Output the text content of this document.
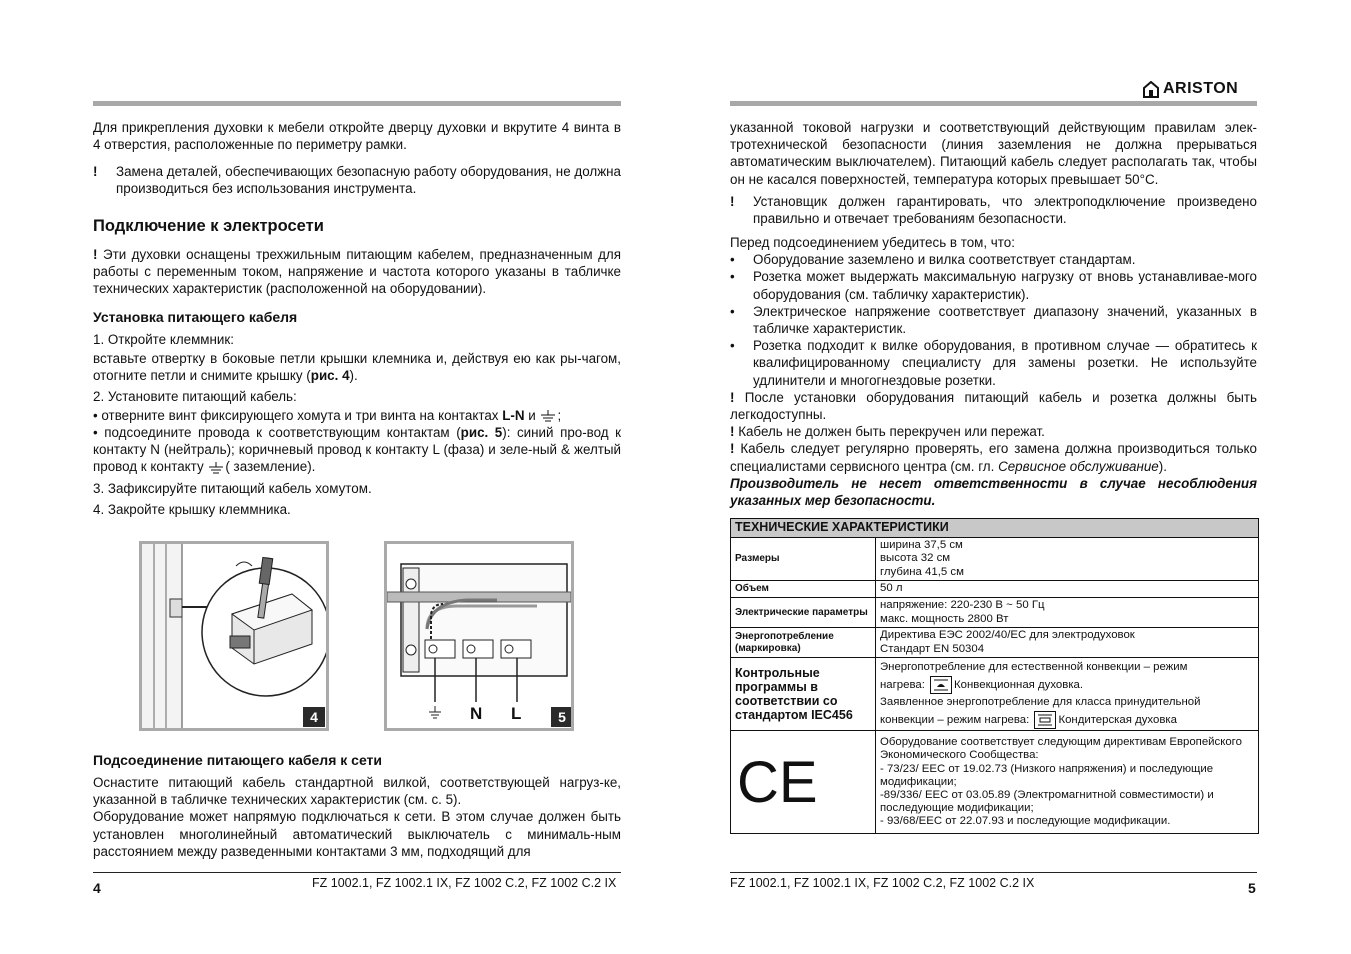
Для прикрепления духовки к мебели откройте дверцу духовки и вкрутите 4 винта в 4 отверстия, расположенные по периметру рамки.
!	Замена деталей, обеспечивающих безопасную работу оборудования, не должна производиться без использования инструмента.
Подключение к электросети
! Эти духовки оснащены трехжильным питающим кабелем, предназначенным для работы с переменным током, напряжение и частота которого указаны в табличке технических характеристик (расположенной на оборудовании).
Установка питающего кабеля
1. Откройте клеммник:
вставьте отвертку в боковые петли крышки клемника и, действуя ею как ры-чагом, отогните петли и снимите крышку (рис. 4).
2. Установите питающий кабель:
• отверните винт фиксирующего хомута и три винта на контактах L-N и ;
• подсоедините провода к соответствующим контактам (рис. 5): синий про-вод к контакту N (нейтраль); коричневый провод к контакту L (фаза) и зеле-ный & желтый провод к контакту ( заземление).
3. Зафиксируйте питающий кабель хомутом.
4. Закройте крышку клеммника.
4	N L	5
Подсоединение питающего кабеля к сети
Оснастите питающий кабель стандартной вилкой, соответствующей нагруз-ке, указанной в табличке технических характеристик (см. с. 5).
Оборудование может напрямую подключаться к сети. В этом случае должен быть установлен многолинейный автоматический выключатель с минималь-ным расстоянием между разведенными контактами 3 мм, подходящий для
4	FZ 1002.1, FZ 1002.1 IX, FZ 1002 C.2, FZ 1002 C.2 IX
ARISTON
указанной токовой нагрузки и соответствующий действующим правилам элек-тротехнической безопасности (линия заземления не должна прерываться автоматическим выключателем). Питающий кабель следует располагать так, чтобы он не касался поверхностей, температура которых превышает 50°C.
!	Установщик должен гарантировать, что электроподключение произведено правильно и отвечает требованиям безопасности.
Перед подсоединением убедитесь в том, что:
•	Оборудование заземлено и вилка соответствует стандартам.
•	Розетка может выдержать максимальную нагрузку от вновь устанавливае-мого оборудования (см. табличку характеристик).
•	Электрическое напряжение соответствует диапазону значений, указанных в табличке характеристик.
•	Розетка подходит к вилке оборудования, в противном случае — обратитесь к квалифицированному специалисту для замены розетки. Не используйте удлинители и многогнездовые розетки.
! После установки оборудования питающий кабель и розетка должны быть легкодоступны.
! Кабель не должен быть перекручен или пережат.
! Кабель следует регулярно проверять, его замена должна производиться только специалистами сервисного центра (см. гл. Сервисное обслуживание).
Производитель не несет ответственности в случае несоблюдения указанных мер безопасности.
ТЕХНИЧЕСКИЕ ХАРАКТЕРИСТИКИ	
Размеры	ширина 37,5 см
высота 32 см
глубина 41,5 см

Объем	50 л
Электрические параметры	напряжение: 220-230 В ~ 50 Гц
макс. мощность 2800 Вт

Энергопотребление (маркировка)	Директива ЕЭС 2002/40/ЕС для электродуховок
Стандарт EN 50304

Контрольные программы в соответствии со стандартом IEC456	Энергопотребление для естественной конвекции – режим
нагрева: Конвекционная духовка.
Заявленное энергопотребление для класса принудительной
конвекции – режим нагрева: Кондитерская духовка

CE	Оборудование соответствует следующим директивам Европейского Экономического Сообщества:
- 73/23/ ЕЕС от 19.02.73 (Низкого напряжения) и последующие модификации;
-89/336/ ЕЕС от 03.05.89 (Электромагнитной совместимости) и последующие модификации;
- 93/68/ЕЕС от 22.07.93 и последующие модификации.
FZ 1002.1, FZ 1002.1 IX, FZ 1002 C.2, FZ 1002 C.2 IX	5
